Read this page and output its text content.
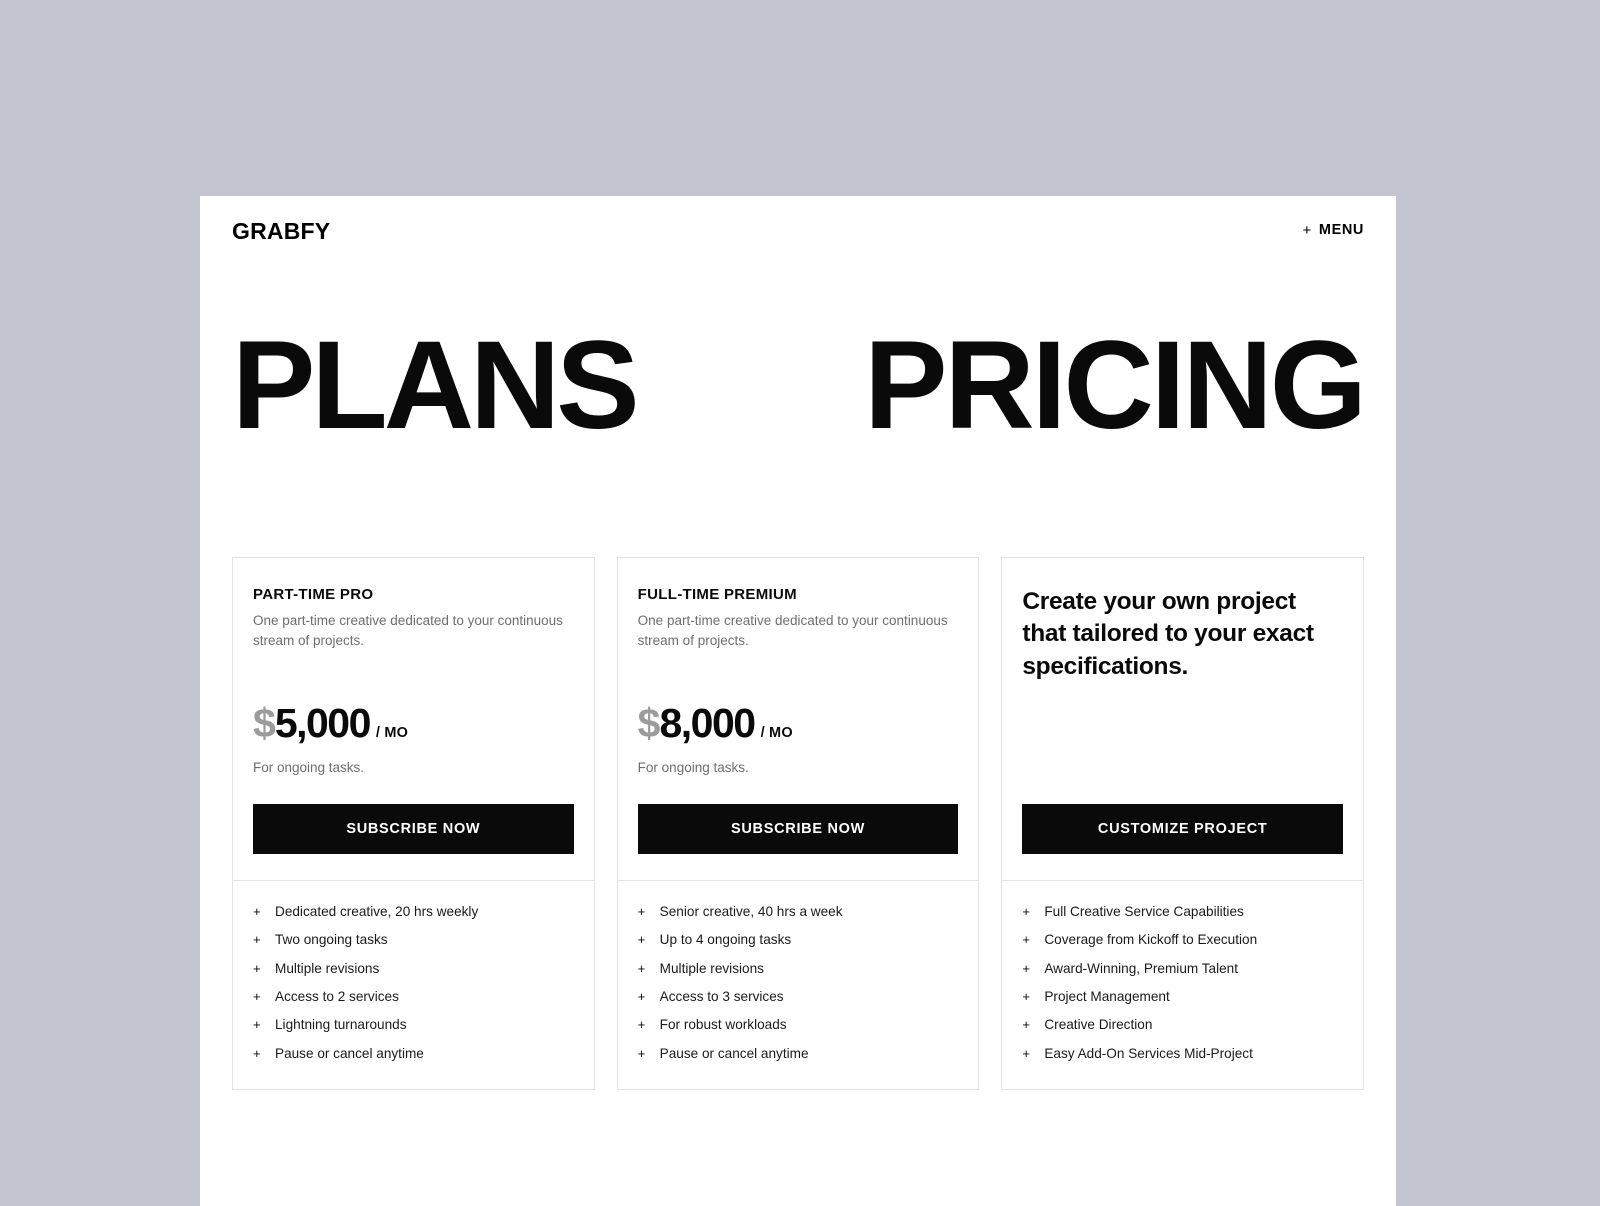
GRABFY	+ MENU
PLANS PRICING
PART-TIME PRO
One part-time creative dedicated to your continuous stream of projects.
$ 5,000 / MO
For ongoing tasks.
SUBSCRIBE NOW
+ Dedicated creative, 20 hrs weekly
+ Two ongoing tasks
+ Multiple revisions
+ Access to 2 services
+ Lightning turnarounds
+ Pause or cancel anytime
FULL-TIME PREMIUM
One part-time creative dedicated to your continuous stream of projects.
$ 8,000 / MO
For ongoing tasks.
SUBSCRIBE NOW
+ Senior creative, 40 hrs a week
+ Up to 4 ongoing tasks
+ Multiple revisions
+ Access to 3 services
+ For robust workloads
+ Pause or cancel anytime
Create your own project that tailored to your exact specifications.
CUSTOMIZE PROJECT
+ Full Creative Service Capabilities
+ Coverage from Kickoff to Execution
+ Award-Winning, Premium Talent
+ Project Management
+ Creative Direction
+ Easy Add-On Services Mid-Project
